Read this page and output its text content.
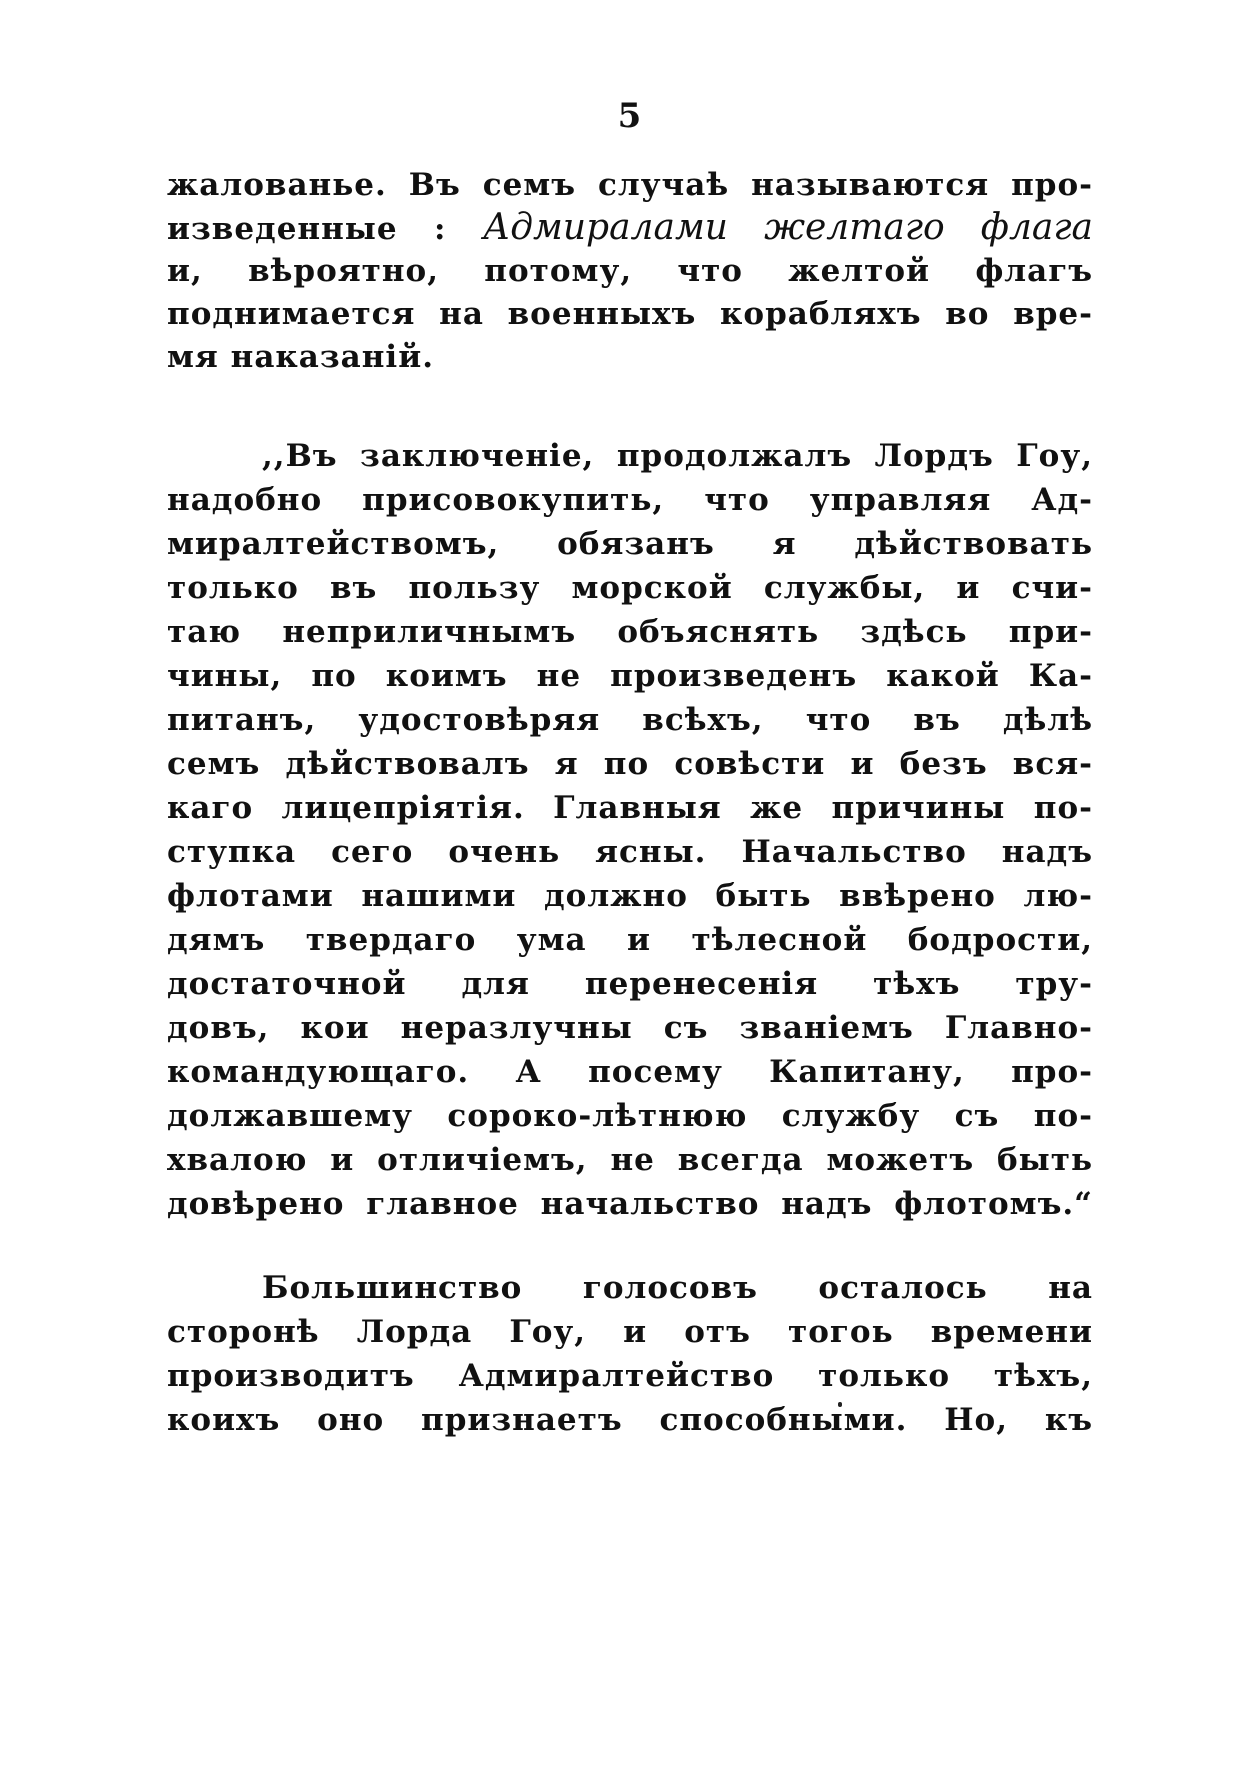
5
жалованье. Въ семъ случаѣ называются про-
изведенные : Адмиралами желтаго флага
и, вѣроятно, потому, что желтой флагъ
поднимается на военныхъ корабляхъ во вре-
мя наказаній.
,,Въ заключеніе, продолжалъ Лордъ Гоу,
надобно присовокупить, что управляя Ад-
миралтействомъ, обязанъ я дѣйствовать
только въ пользу морской службы, и счи-
таю неприличнымъ объяснять здѣсь при-
чины, по коимъ не произведенъ какой Ка-
питанъ, удостовѣряя всѣхъ, что въ дѣлѣ
семъ дѣйствовалъ я по совѣсти и безъ вся-
каго лицепріятія. Главныя же причины по-
ступка сего очень ясны. Начальство надъ
флотами нашими должно быть ввѣрено лю-
дямъ твердаго ума и тѣлесной бодрости,
достаточной для перенесенія тѣхъ тру-
довъ, кои неразлучны съ званіемъ Главно-
командующаго. А посему Капитану, про-
должавшему сороко-лѣтнюю службу съ по-
хвалою и отличіемъ, не всегда можетъ быть
довѣрено главное начальство надъ флотомъ.“
Большинство голосовъ осталось на
сторонѣ Лорда Гоу, и отъ тогоь времени
производитъ Адмиралтейство только тѣхъ,
коихъ оно признаетъ способными. Но, къ
